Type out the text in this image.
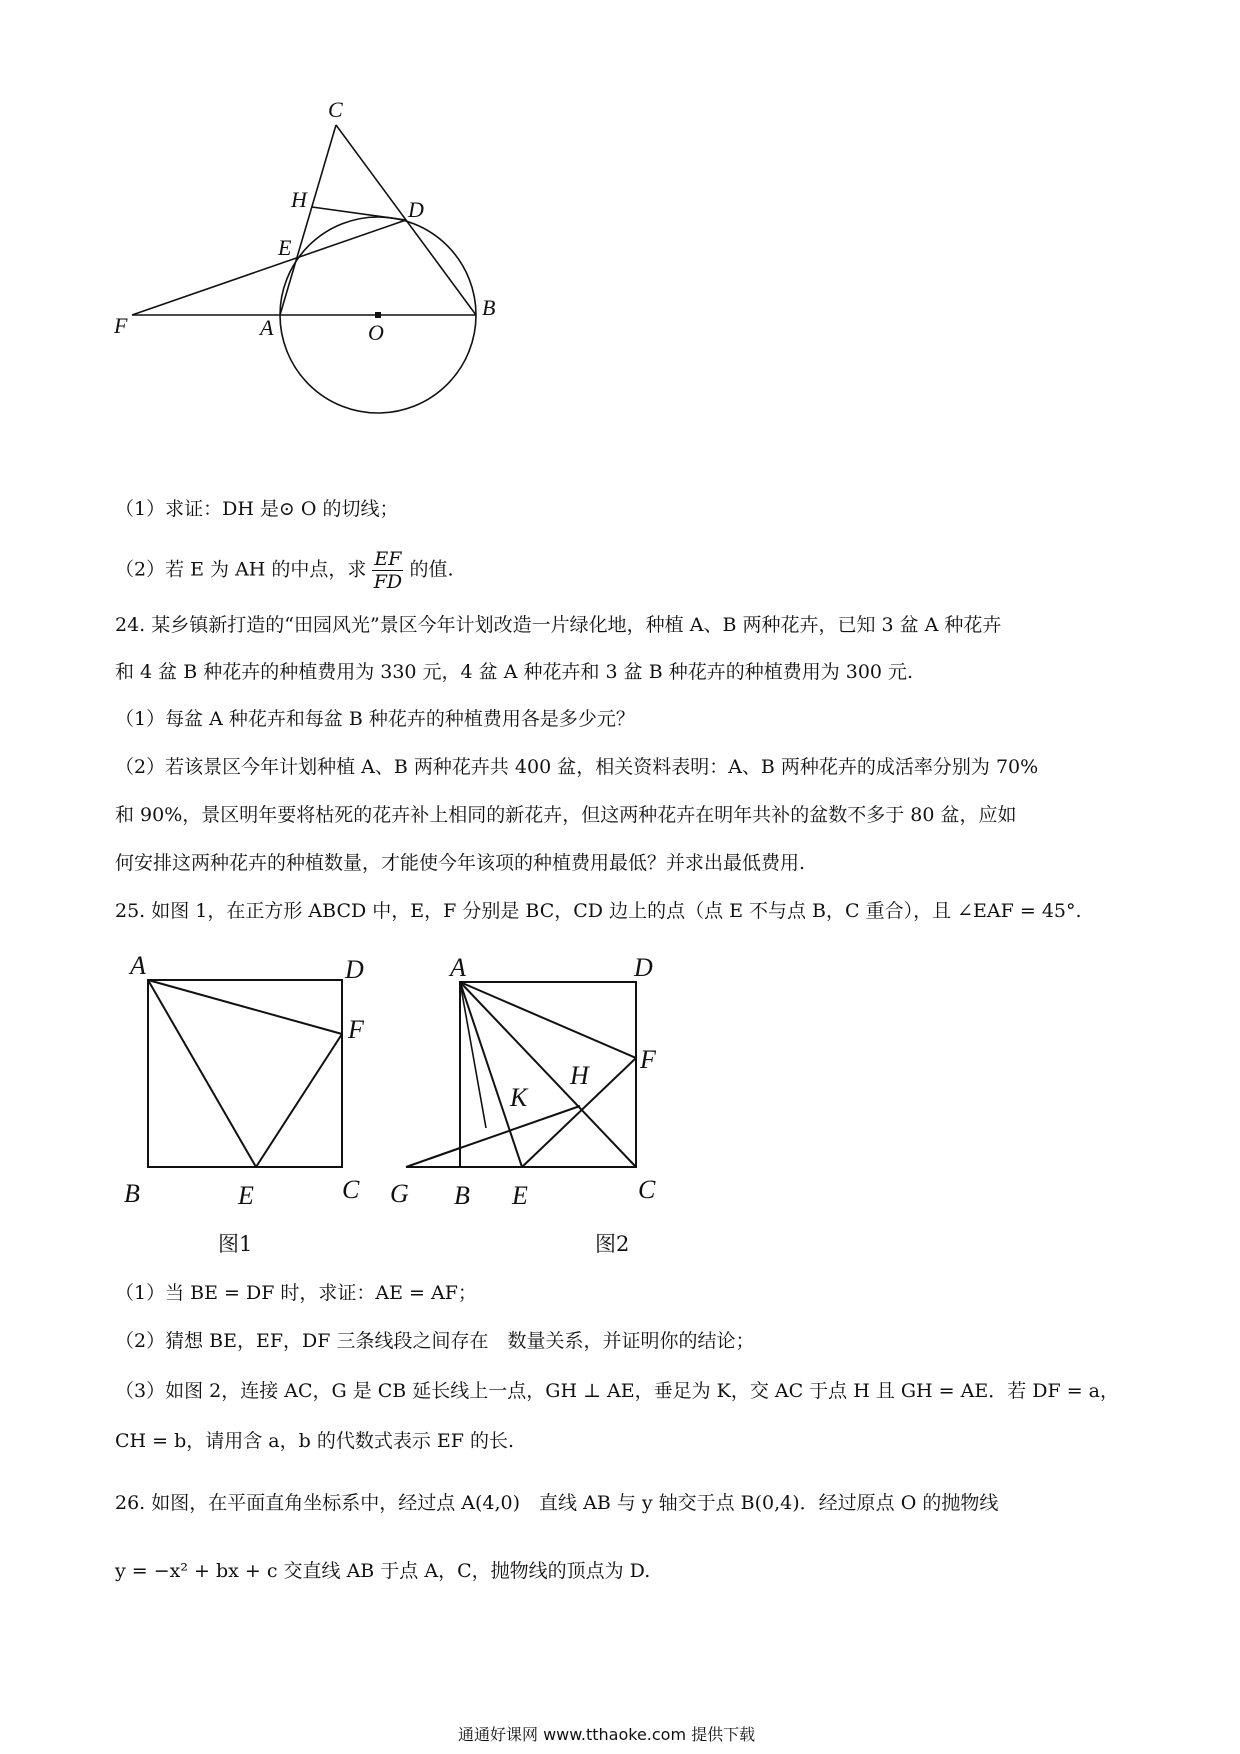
C
H	D
E
F	A	O
B
（1）求证：DH 是⊙ O 的切线；
（2）若 E 为 AH 的中点，求 $\frac{EF}{FD}$ 的值.
24. 某乡镇新打造的“田园风光”景区今年计划改造一片绿化地，种植 A、B 两种花卉，已知 3 盆 A 种花卉
和 4 盆 B 种花卉的种植费用为 330 元，4 盆 A 种花卉和 3 盆 B 种花卉的种植费用为 300 元.
（1）每盆 A 种花卉和每盆 B 种花卉的种植费用各是多少元？
（2）若该景区今年计划种植 A、B 两种花卉共 400 盆，相关资料表明：A、B 两种花卉的成活率分别为 70%
和 90%，景区明年要将枯死的花卉补上相同的新花卉，但这两种花卉在明年共补的盆数不多于 80 盆，应如
何安排这两种花卉的种植数量，才能使今年该项的种植费用最低？并求出最低费用.
25. 如图 1，在正方形 ABCD 中，E，F 分别是 BC，CD 边上的点（点 E 不与点 B，C 重合），且 ∠EAF = 45°.
A	D
F
B	E	C
图1
A	D
F
H
K
B E	C
G
图2
（1）当 BE = DF 时，求证：AE = AF；
（2）猜想 BE，EF，DF 三条线段之间存在　数量关系，并证明你的结论；
（3）如图 2，连接 AC，G 是 CB 延长线上一点，GH ⊥ AE，垂足为 K，交 AC 于点 H 且 GH = AE．若 DF = a，
CH = b，请用含 a，b 的代数式表示 EF 的长.
26. 如图，在平面直角坐标系中，经过点 A(4,0)　直线 AB 与 y 轴交于点 B(0,4)．经过原点 O 的抛物线
y = −x² + bx + c 交直线 AB 于点 A，C，抛物线的顶点为 D.
通通好课网 www.tthaoke.com 提供下载
